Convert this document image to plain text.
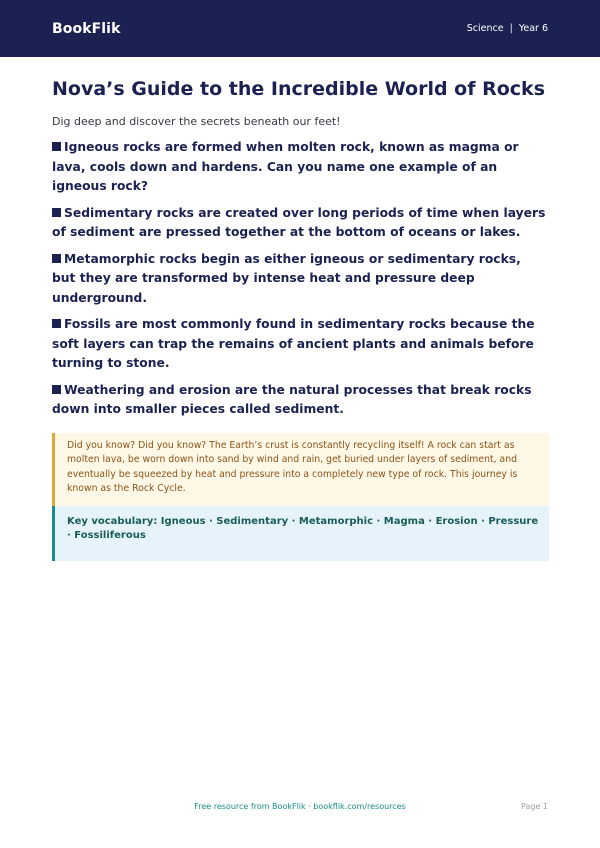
BookFlik	Science | Year 6
Nova’s Guide to the Incredible World of Rocks

Dig deep and discover the secrets beneath our feet!

Igneous rocks are formed when molten rock, known as magma or lava, cools down and hardens. Can you name one example of an igneous rock?

Sedimentary rocks are created over long periods of time when layers of sediment are pressed together at the bottom of oceans or lakes.

Metamorphic rocks begin as either igneous or sedimentary rocks, but they are transformed by intense heat and pressure deep underground.

Fossils are most commonly found in sedimentary rocks because the soft layers can trap the remains of ancient plants and animals before turning to stone.

Weathering and erosion are the natural processes that break rocks down into smaller pieces called sediment.

Did you know? Did you know? The Earth’s crust is constantly recycling itself! A rock can start as molten lava, be worn down into sand by wind and rain, get buried under layers of sediment, and eventually be squeezed by heat and pressure into a completely new type of rock. This journey is known as the Rock Cycle.
Key vocabulary: Igneous · Sedimentary · Metamorphic · Magma · Erosion · Pressure · Fossiliferous
Free resource from BookFlik · bookflik.com/resources	Page 1
